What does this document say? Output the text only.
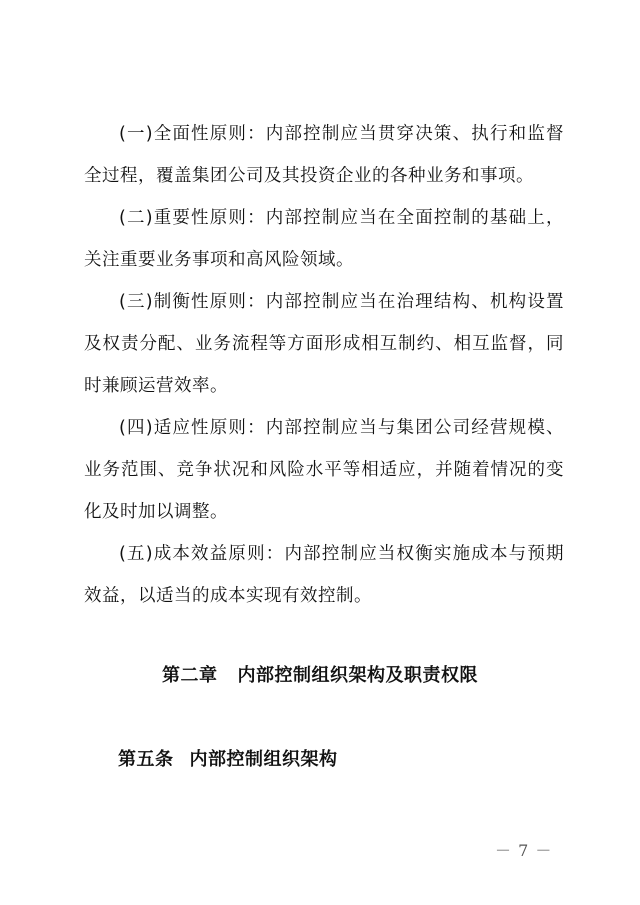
(一)全面性原则：内部控制应当贯穿决策、执行和监督全过程，覆盖集团公司及其投资企业的各种业务和事项。

(二)重要性原则：内部控制应当在全面控制的基础上，关注重要业务事项和高风险领域。

(三)制衡性原则：内部控制应当在治理结构、机构设置及权责分配、业务流程等方面形成相互制约、相互监督，同时兼顾运营效率。

(四)适应性原则：内部控制应当与集团公司经营规模、业务范围、竞争状况和风险水平等相适应，并随着情况的变化及时加以调整。

(五)成本效益原则：内部控制应当权衡实施成本与预期效益，以适当的成本实现有效控制。

第二章 内部控制组织架构及职责权限
第五条 内部控制组织架构
－ 7 －
